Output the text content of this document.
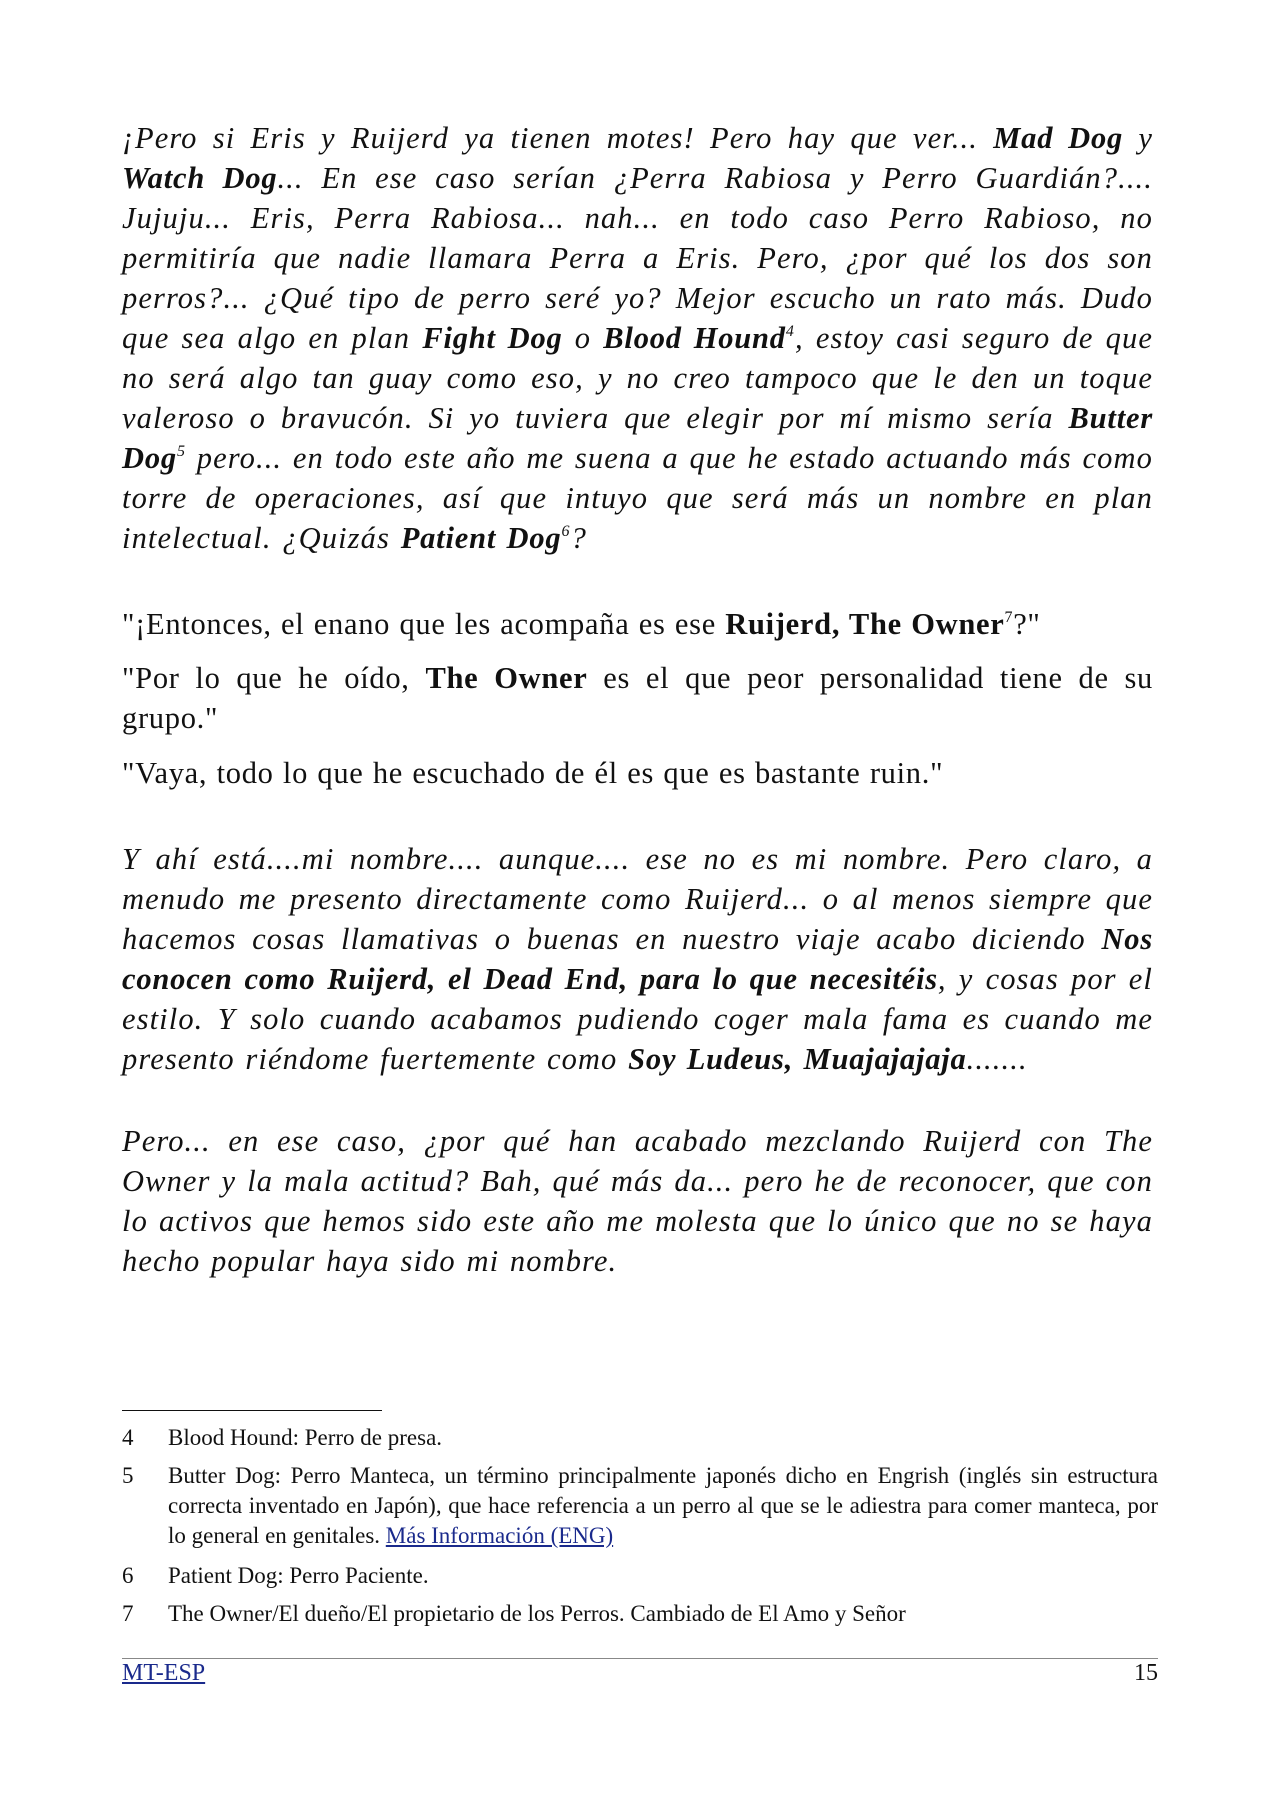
¡Pero si Eris y Ruijerd ya tienen motes! Pero hay que ver... Mad Dog y Watch Dog... En ese caso serían ¿Perra Rabiosa y Perro Guardián?.... Jujuju... Eris, Perra Rabiosa... nah... en todo caso Perro Rabioso, no permitiría que nadie llamara Perra a Eris. Pero, ¿por qué los dos son perros?... ¿Qué tipo de perro seré yo? Mejor escucho un rato más. Dudo que sea algo en plan Fight Dog o Blood Hound$^4$, estoy casi seguro de que no será algo tan guay como eso, y no creo tampoco que le den un toque valeroso o bravucón. Si yo tuviera que elegir por mí mismo sería Butter Dog$^5$ pero... en todo este año me suena a que he estado actuando más como torre de operaciones, así que intuyo que será más un nombre en plan intelectual. ¿Quizás Patient Dog$^6$?

"¡Entonces, el enano que les acompaña es ese Ruijerd, The Owner$^7$?"

"Por lo que he oído, The Owner es el que peor personalidad tiene de su grupo."

"Vaya, todo lo que he escuchado de él es que es bastante ruin."

Y ahí está....mi nombre.... aunque.... ese no es mi nombre. Pero claro, a menudo me presento directamente como Ruijerd... o al menos siempre que hacemos cosas llamativas o buenas en nuestro viaje acabo diciendo Nos conocen como Ruijerd, el Dead End, para lo que necesitéis, y cosas por el estilo. Y solo cuando acabamos pudiendo coger mala fama es cuando me presento riéndome fuertemente como Soy Ludeus, Muajajajaja.......

Pero... en ese caso, ¿por qué han acabado mezclando Ruijerd con The Owner y la mala actitud? Bah, qué más da... pero he de reconocer, que con lo activos que hemos sido este año me molesta que lo único que no se haya hecho popular haya sido mi nombre.

4	Blood Hound: Perro de presa.
5	Butter Dog: Perro Manteca, un término principalmente japonés dicho en Engrish (inglés sin estructura correcta inventado en Japón), que hace referencia a un perro al que se le adiestra para comer manteca, por lo general en genitales. Más Información (ENG)
6	Patient Dog: Perro Paciente.
7	The Owner/El dueño/El propietario de los Perros. Cambiado de El Amo y Señor
MT-ESP	15
